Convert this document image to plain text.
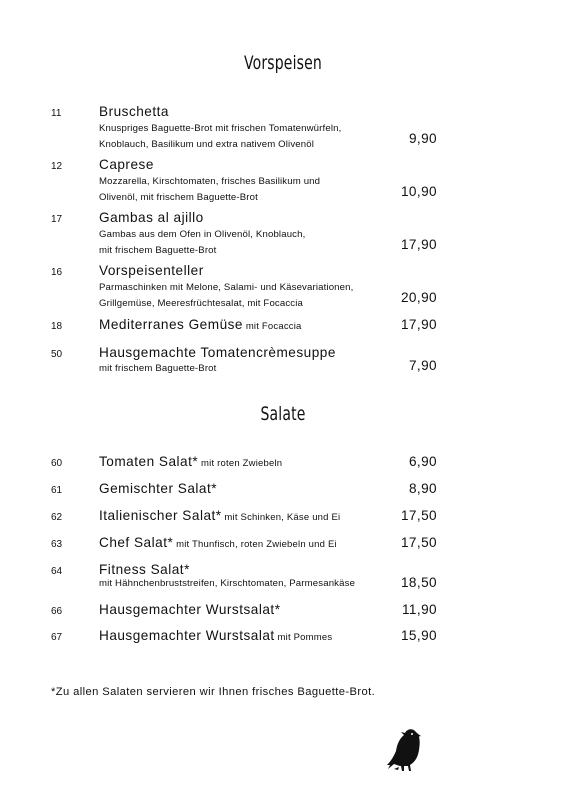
Vorspeisen
11	Bruschetta
Knuspriges Baguette-Brot mit frischen Tomatenwürfeln,
Knoblauch, Basilikum und extra nativem Olivenöl	9,90
12	Caprese
Mozzarella, Kirschtomaten, frisches Basilikum und
Olivenöl, mit frischem Baguette-Brot	10,90
17	Gambas al ajillo
Gambas aus dem Ofen in Olivenöl, Knoblauch,
mit frischem Baguette-Brot	17,90
16	Vorspeisenteller
Parmaschinken mit Melone, Salami- und Käsevariationen,
Grillgemüse, Meeresfrüchtesalat, mit Focaccia	20,90
18	Mediterranes Gemüse mit Focaccia	17,90
50	Hausgemachte Tomatencrèmesuppe
mit frischem Baguette-Brot	7,90
Salate
60	Tomaten Salat* mit roten Zwiebeln	6,90
61	Gemischter Salat*	8,90
62	Italienischer Salat* mit Schinken, Käse und Ei	17,50
63	Chef Salat* mit Thunfisch, roten Zwiebeln und Ei	17,50
64	Fitness Salat*
mit Hähnchenbruststreifen, Kirschtomaten, Parmesankäse	18,50
66	Hausgemachter Wurstsalat*	11,90
67	Hausgemachter Wurstsalat mit Pommes	15,90
*Zu allen Salaten servieren wir Ihnen frisches Baguette-Brot.
